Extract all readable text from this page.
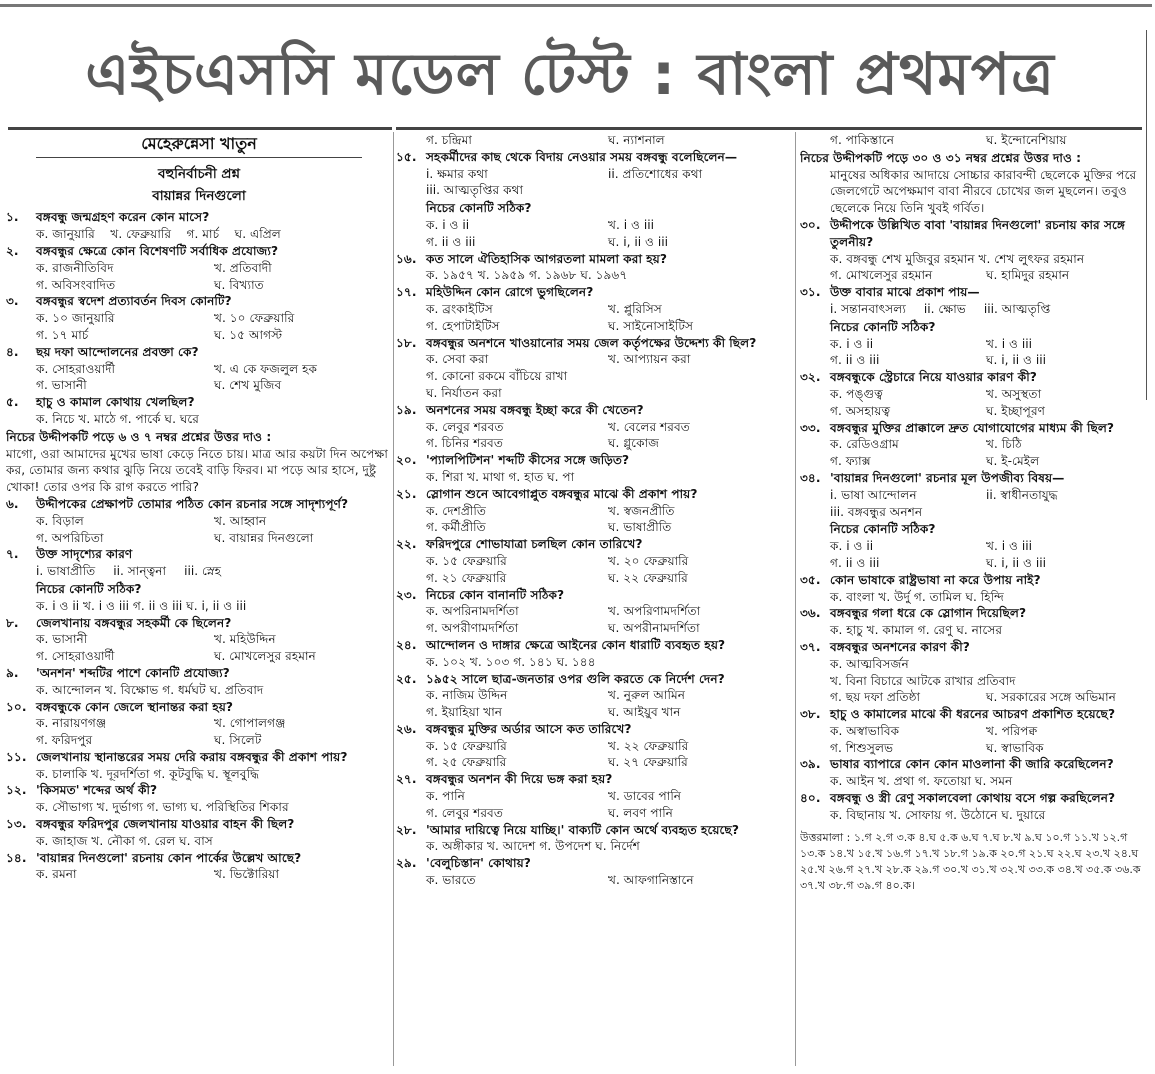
এইচএসসি মডেল টেস্ট : বাংলা প্রথমপত্র
মেহেরুন্নেসা খাতুন
বহুনির্বাচনী প্রশ্ন
বায়ান্নর দিনগুলো
১.	বঙ্গবন্ধু জন্মগ্রহণ করেন কোন মাসে?
ক. জানুয়ারি খ. ফেব্রুয়ারি গ. মার্চ ঘ. এপ্রিল
২.	বঙ্গবন্ধুর ক্ষেত্রে কোন বিশেষণটি সর্বাধিক প্রযোজ্য?
ক. রাজনীতিবিদ	খ. প্রতিবাদী
গ. অবিসংবাদিত	ঘ. বিখ্যাত
৩.	বঙ্গবন্ধুর স্বদেশ প্রত্যাবর্তন দিবস কোনটি?
ক. ১০ জানুয়ারি	খ. ১০ ফেব্রুয়ারি
গ. ১৭ মার্চ	ঘ. ১৫ আগস্ট
৪.	ছয় দফা আন্দোলনের প্রবক্তা কে?
ক. সোহরাওয়ার্দী	খ. এ কে ফজলুল হক
গ. ভাসানী	ঘ. শেখ মুজিব
৫.	হাচু ও কামাল কোথায় খেলছিল?
ক. নিচে খ. মাঠে গ. পার্কে ঘ. ঘরে
নিচের উদ্দীপকটি পড়ে ৬ ও ৭ নম্বর প্রশ্নের উত্তর দাও :
মাগো, ওরা আমাদের মুখের ভাষা কেড়ে নিতে চায়। মাত্র আর কয়টা দিন অপেক্ষা কর, তোমার জন্য কথার ঝুড়ি নিয়ে তবেই বাড়ি ফিরব। মা পড়ে আর হাসে, দুষ্টু খোকা! তোর ওপর কি রাগ করতে পারি?
৬.	উদ্দীপকের প্রেক্ষাপট তোমার পঠিত কোন রচনার সঙ্গে সাদৃশ্যপূর্ণ?
ক. বিড়াল	খ. আহ্বান
গ. অপরিচিতা	ঘ. বায়ান্নর দিনগুলো
৭.	উক্ত সাদৃশ্যের কারণ
i. ভাষাপ্রীতি ii. সান্ত্বনা iii. স্নেহ
নিচের কোনটি সঠিক?
ক. i ও ii খ. i ও iii গ. ii ও iii ঘ. i, ii ও iii
৮.	জেলখানায় বঙ্গবন্ধুর সহকর্মী কে ছিলেন?
ক. ভাসানী	খ. মহিউদ্দিন
গ. সোহরাওয়ার্দী	ঘ. মোখলেসুর রহমান
৯.	'অনশন' শব্দটির পাশে কোনটি প্রযোজ্য?
ক. আন্দোলন খ. বিক্ষোভ গ. ধর্মঘট ঘ. প্রতিবাদ
১০. বঙ্গবন্ধুকে কোন জেলে স্থানান্তর করা হয়?
ক. নারায়ণগঞ্জ	খ. গোপালগঞ্জ
গ. ফরিদপুর	ঘ. সিলেট
১১. জেলখানায় স্থানান্তরের সময় দেরি করায় বঙ্গবন্ধুর কী প্রকাশ পায়?
ক. চালাকি খ. দূরদর্শিতা গ. কূটবুদ্ধি ঘ. স্থূলবুদ্ধি
১২. 'কিসমত' শব্দের অর্থ কী?
ক. সৌভাগ্য খ. দুর্ভাগ্য গ. ভাগ্য ঘ. পরিস্থিতির শিকার
১৩. বঙ্গবন্ধুর ফরিদপুর জেলখানায় যাওয়ার বাহন কী ছিল?
ক. জাহাজ খ. নৌকা গ. রেল ঘ. বাস
১৪. 'বায়ান্নর দিনগুলো' রচনায় কোন পার্কের উল্লেখ আছে?
ক. রমনা	খ. ভিক্টোরিয়া
গ. চন্দ্রিমা	ঘ. ন্যাশনাল
১৫. সহকর্মীদের কাছ থেকে বিদায় নেওয়ার সময় বঙ্গবন্ধু বলেছিলেন—
i. ক্ষমার কথা	ii. প্রতিশোধের কথা
iii. আত্মতৃপ্তির কথা
নিচের কোনটি সঠিক?
ক. i ও ii	খ. i ও iii
গ. ii ও iii	ঘ. i, ii ও iii
১৬. কত সালে ঐতিহাসিক আগরতলা মামলা করা হয়?
ক. ১৯৫৭ খ. ১৯৫৯ গ. ১৯৬৮ ঘ. ১৯৬৭
১৭. মহিউদ্দিন কোন রোগে ভুগছিলেন?
ক. ব্রংকাইটিস	খ. প্লুরিসিস
গ. হেপাটাইটিস	ঘ. সাইনোসাইটিস
১৮. বঙ্গবন্ধুর অনশনে খাওয়ানোর সময় জেল কর্তৃপক্ষের উদ্দেশ্য কী ছিল?
ক. সেবা করা	খ. আপ্যায়ন করা
গ. কোনো রকমে বাঁচিয়ে রাখা
ঘ. নির্যাতন করা
১৯. অনশনের সময় বঙ্গবন্ধু ইচ্ছা করে কী খেতেন?
ক. লেবুর শরবত	খ. বেলের শরবত
গ. চিনির শরবত	ঘ. গ্লুকোজ
২০. 'প্যালপিটিশন' শব্দটি কীসের সঙ্গে জড়িত?
ক. শিরা খ. মাথা গ. হাত ঘ. পা
২১. স্লোগান শুনে আবেগাপ্লুত বঙ্গবন্ধুর মাঝে কী প্রকাশ পায়?
ক. দেশপ্রীতি	খ. স্বজনপ্রীতি
গ. কর্মীপ্রীতি	ঘ. ভাষাপ্রীতি
২২. ফরিদপুরে শোভাযাত্রা চলছিল কোন তারিখে?
ক. ১৫ ফেব্রুয়ারি	খ. ২০ ফেব্রুয়ারি
গ. ২১ ফেব্রুয়ারি	ঘ. ২২ ফেব্রুয়ারি
২৩. নিচের কোন বানানটি সঠিক?
ক. অপরিনামদর্শিতা	খ. অপরিণামদর্শিতা
গ. অপরীণামদর্শিতা	ঘ. অপরীনামদর্শিতা
২৪. আন্দোলন ও দাঙ্গার ক্ষেত্রে আইনের কোন ধারাটি ব্যবহৃত হয়?
ক. ১০২ খ. ১০৩ গ. ১৪১ ঘ. ১৪৪
২৫. ১৯৫২ সালে ছাত্র-জনতার ওপর গুলি করতে কে নির্দেশ দেন?
ক. নাজিম উদ্দিন	খ. নুরুল আমিন
গ. ইয়াহিয়া খান	ঘ. আইয়ুব খান
২৬. বঙ্গবন্ধুর মুক্তির অর্ডার আসে কত তারিখে?
ক. ১৫ ফেব্রুয়ারি	খ. ২২ ফেব্রুয়ারি
গ. ২৫ ফেব্রুয়ারি	ঘ. ২৭ ফেব্রুয়ারি
২৭. বঙ্গবন্ধুর অনশন কী দিয়ে ভঙ্গ করা হয়?
ক. পানি	খ. ডাবের পানি
গ. লেবুর শরবত	ঘ. লবণ পানি
২৮. 'আমার দায়িত্বে নিয়ে যাচ্ছি।' বাক্যটি কোন অর্থে ব্যবহৃত হয়েছে?
ক. অঙ্গীকার খ. আদেশ গ. উপদেশ ঘ. নির্দেশ
২৯. 'বেলুচিস্তান' কোথায়?
ক. ভারতে	খ. আফগানিস্তানে
গ. পাকিস্তানে	ঘ. ইন্দোনেশিয়ায়
নিচের উদ্দীপকটি পড়ে ৩০ ও ৩১ নম্বর প্রশ্নের উত্তর দাও :
মানুষের অধিকার আদায়ে সোচ্চার কারাবন্দী ছেলেকে মুক্তির পরে জেলগেটে অপেক্ষমাণ বাবা নীরবে চোখের জল মুছলেন। তবুও ছেলেকে নিয়ে তিনি খুবই গর্বিত।
৩০. উদ্দীপকে উল্লিখিত বাবা 'বায়ান্নর দিনগুলো' রচনায় কার সঙ্গে তুলনীয়?
ক. বঙ্গবন্ধু শেখ মুজিবুর রহমান খ. শেখ লুৎফর রহমান
গ. মোখলেসুর রহমান	ঘ. হামিদুর রহমান
৩১. উক্ত বাবার মাঝে প্রকাশ পায়—
i. সন্তানবাৎসল্য ii. ক্ষোভ iii. আত্মতৃপ্তি
নিচের কোনটি সঠিক?
ক. i ও ii	খ. i ও iii
গ. ii ও iii	ঘ. i, ii ও iii
৩২. বঙ্গবন্ধুকে স্ট্রেচারে নিয়ে যাওয়ার কারণ কী?
ক. পঙ্গুত্ব	খ. অসুস্থতা
গ. অসহায়ত্ব	ঘ. ইচ্ছাপূরণ
৩৩. বঙ্গবন্ধুর মুক্তির প্রাক্কালে দ্রুত যোগাযোগের মাধ্যম কী ছিল?
ক. রেডিওগ্রাম	খ. চিঠি
গ. ফ্যাক্স	ঘ. ই-মেইল
৩৪. 'বায়ান্নর দিনগুলো' রচনার মূল উপজীব্য বিষয়—
i. ভাষা আন্দোলন	ii. স্বাধীনতাযুদ্ধ
iii. বঙ্গবন্ধুর অনশন
নিচের কোনটি সঠিক?
ক. i ও ii	খ. i ও iii
গ. ii ও iii	ঘ. i, ii ও iii
৩৫. কোন ভাষাকে রাষ্ট্রভাষা না করে উপায় নাই?
ক. বাংলা খ. উর্দু গ. তামিল ঘ. হিন্দি
৩৬. বঙ্গবন্ধুর গলা ধরে কে স্লোগান দিয়েছিল?
ক. হাচু খ. কামাল গ. রেণু ঘ. নাসের
৩৭. বঙ্গবন্ধুর অনশনের কারণ কী?
ক. আত্মবিসর্জন
খ. বিনা বিচারে আটকে রাখার প্রতিবাদ
গ. ছয় দফা প্রতিষ্ঠা	ঘ. সরকারের সঙ্গে অভিমান
৩৮. হাচু ও কামালের মাঝে কী ধরনের আচরণ প্রকাশিত হয়েছে?
ক. অস্বাভাবিক	খ. পরিপক্ব
গ. শিশুসুলভ	ঘ. স্বাভাবিক
৩৯. ভাষার ব্যাপারে কোন কোন মাওলানা কী জারি করেছিলেন?
ক. আইন খ. প্রথা গ. ফতোয়া ঘ. সমন
৪০. বঙ্গবন্ধু ও স্ত্রী রেণু সকালবেলা কোথায় বসে গল্প করছিলেন?
ক. বিছানায় খ. সোফায় গ. উঠোনে ঘ. দুয়ারে
উত্তরমালা : ১.গ ২.গ ৩.ক ৪.ঘ ৫.ক ৬.ঘ ৭.ঘ ৮.খ ৯.ঘ ১০.গ ১১.খ ১২.গ ১৩.ক ১৪.খ ১৫.খ ১৬.গ ১৭.খ ১৮.গ ১৯.ক ২০.গ ২১.ঘ ২২.ঘ ২৩.খ ২৪.ঘ ২৫.খ ২৬.গ ২৭.খ ২৮.ক ২৯.গ ৩০.খ ৩১.খ ৩২.খ ৩৩.ক ৩৪.খ ৩৫.ক ৩৬.ক ৩৭.খ ৩৮.গ ৩৯.গ ৪০.ক।
